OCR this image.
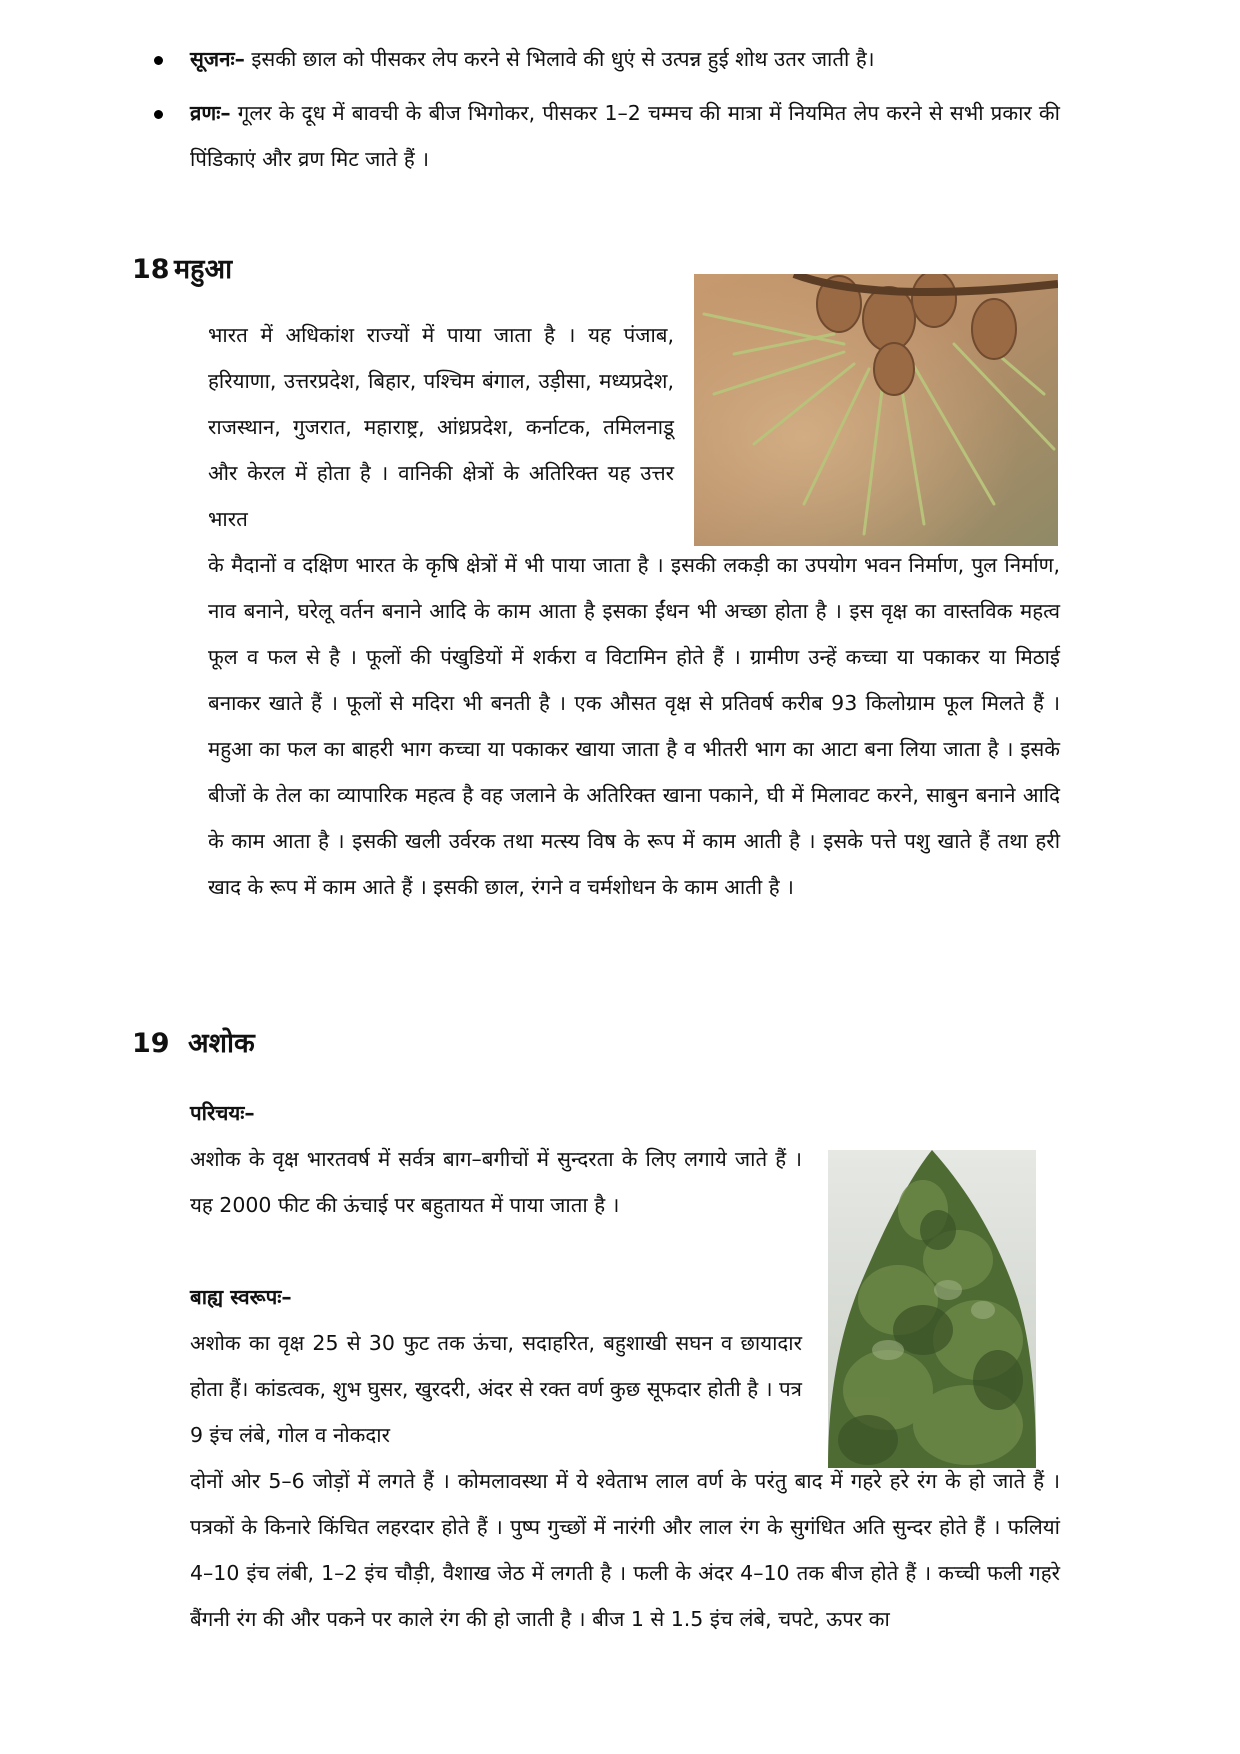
सूजनः– इसकी छाल को पीसकर लेप करने से भिलावे की धुएं से उत्पन्न हुई शोथ उतर जाती है।
व्रणः– गूलर के दूध में बावची के बीज भिगोकर, पीसकर 1–2 चम्मच की मात्रा में नियमित लेप करने से सभी प्रकार की पिंडिकाएं और व्रण मिट जाते हैं ।
18 महुआ

भारत में अधिकांश राज्यों में पाया जाता है । यह पंजाब, हरियाणा, उत्तरप्रदेश, बिहार, पश्चिम बंगाल, उड़ीसा, मध्यप्रदेश, राजस्थान, गुजरात, महाराष्ट्र, आंध्रप्रदेश, कर्नाटक, तमिलनाडू और केरल में होता है । वानिकी क्षेत्रों के अतिरिक्त यह उत्तर भारत

के मैदानों व दक्षिण भारत के कृषि क्षेत्रों में भी पाया जाता है । इसकी लकड़ी का उपयोग भवन निर्माण, पुल निर्माण, नाव बनाने, घरेलू वर्तन बनाने आदि के काम आता है इसका ईंधन भी अच्छा होता है । इस वृक्ष का वास्तविक महत्व फूल व फल से है । फूलों की पंखुडियों में शर्करा व विटामिन होते हैं । ग्रामीण उन्हें कच्चा या पकाकर या मिठाई बनाकर खाते हैं । फूलों से मदिरा भी बनती है । एक औसत वृक्ष से प्रतिवर्ष करीब 93 किलोग्राम फूल मिलते हैं । महुआ का फल का बाहरी भाग कच्चा या पकाकर खाया जाता है व भीतरी भाग का आटा बना लिया जाता है । इसके बीजों के तेल का व्यापारिक महत्व है वह जलाने के अतिरिक्त खाना पकाने, घी में मिलावट करने, साबुन बनाने आदि के काम आता है । इसकी खली उर्वरक तथा मत्स्य विष के रूप में काम आती है । इसके पत्ते पशु खाते हैं तथा हरी खाद के रूप में काम आते हैं । इसकी छाल, रंगने व चर्मशोधन के काम आती है ।

19 अशोक

परिचयः–

अशोक के वृक्ष भारतवर्ष में सर्वत्र बाग–बगीचों में सुन्दरता के लिए लगाये जाते हैं । यह 2000 फीट की ऊंचाई पर बहुतायत में पाया जाता है ।

बाह्य स्वरूपः–

अशोक का वृक्ष 25 से 30 फुट तक ऊंचा, सदाहरित, बहुशाखी सघन व छायादार होता हैं। कांडत्वक, शुभ घुसर, खुरदरी, अंदर से रक्त वर्ण कुछ सूफदार होती है । पत्र 9 इंच लंबे, गोल व नोकदार

दोनों ओर 5–6 जोड़ों में लगते हैं । कोमलावस्था में ये श्वेताभ लाल वर्ण के परंतु बाद में गहरे हरे रंग के हो जाते हैं । पत्रकों के किनारे किंचित लहरदार होते हैं । पुष्प गुच्छों में नारंगी और लाल रंग के सुगंधित अति सुन्दर होते हैं । फलियां 4–10 इंच लंबी, 1–2 इंच चौड़ी, वैशाख जेठ में लगती है । फली के अंदर 4–10 तक बीज होते हैं । कच्ची फली गहरे बैंगनी रंग की और पकने पर काले रंग की हो जाती है । बीज 1 से 1.5 इंच लंबे, चपटे, ऊपर का
